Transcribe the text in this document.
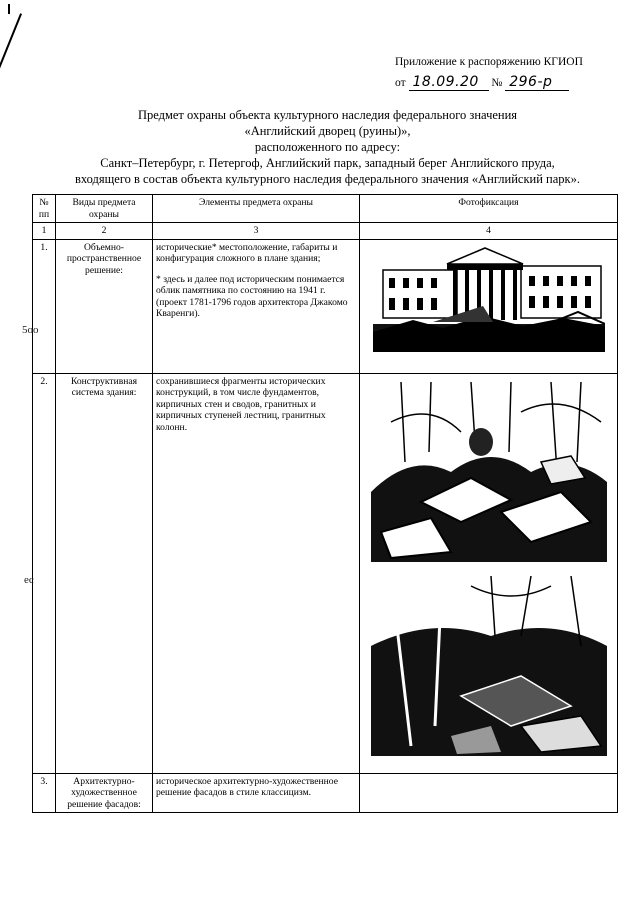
Приложение к распоряжению КГИОП
от 18.09.20 № 296-р
Предмет охраны объекта культурного наследия федерального значения
«Английский дворец (руины)»,
расположенного по адресу:
Санкт–Петербург, г. Петергоф, Английский парк, западный берег Английского пруда,
входящего в состав объекта культурного наследия федерального значения «Английский парк».
№ пп	Виды предмета охраны	Элементы предмета охраны	Фотофиксация
1	2	3	4
1.	Объемно-пространственное решение:	исторические* местоположение, габариты и конфигурация сложного в плане здания;

* здесь и далее под историческим понимается облик памятника по состоянию на 1941 г. (проект 1781-1796 годов архитектора Джакомо Кваренги).

2.	Конструктивная система здания:	сохранившиеся фрагменты исторических конструкций, в том числе фундаментов, кирпичных стен и сводов, гранитных и кирпичных ступеней лестниц, гранитных колонн.

3.	Архитектурно-художественное решение фасадов:	историческое архитектурно-художественное решение фасадов в стиле классицизм.	

5oo
ec
